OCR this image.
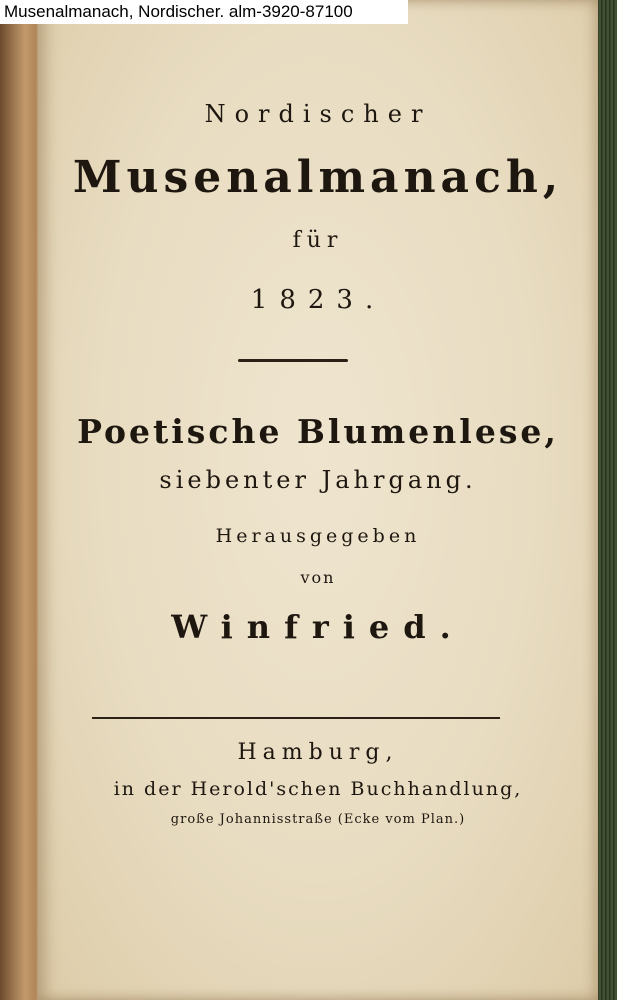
Nordischer
Musenalmanach,
für
1823.
Poetische Blumenlese,
siebenter Jahrgang.
Herausgegeben
von
Winfried.
Hamburg,
in der Herold'schen Buchhandlung,
große Johannisstraße (Ecke vom Plan.)
Musenalmanach, Nordischer. alm-3920-87100
